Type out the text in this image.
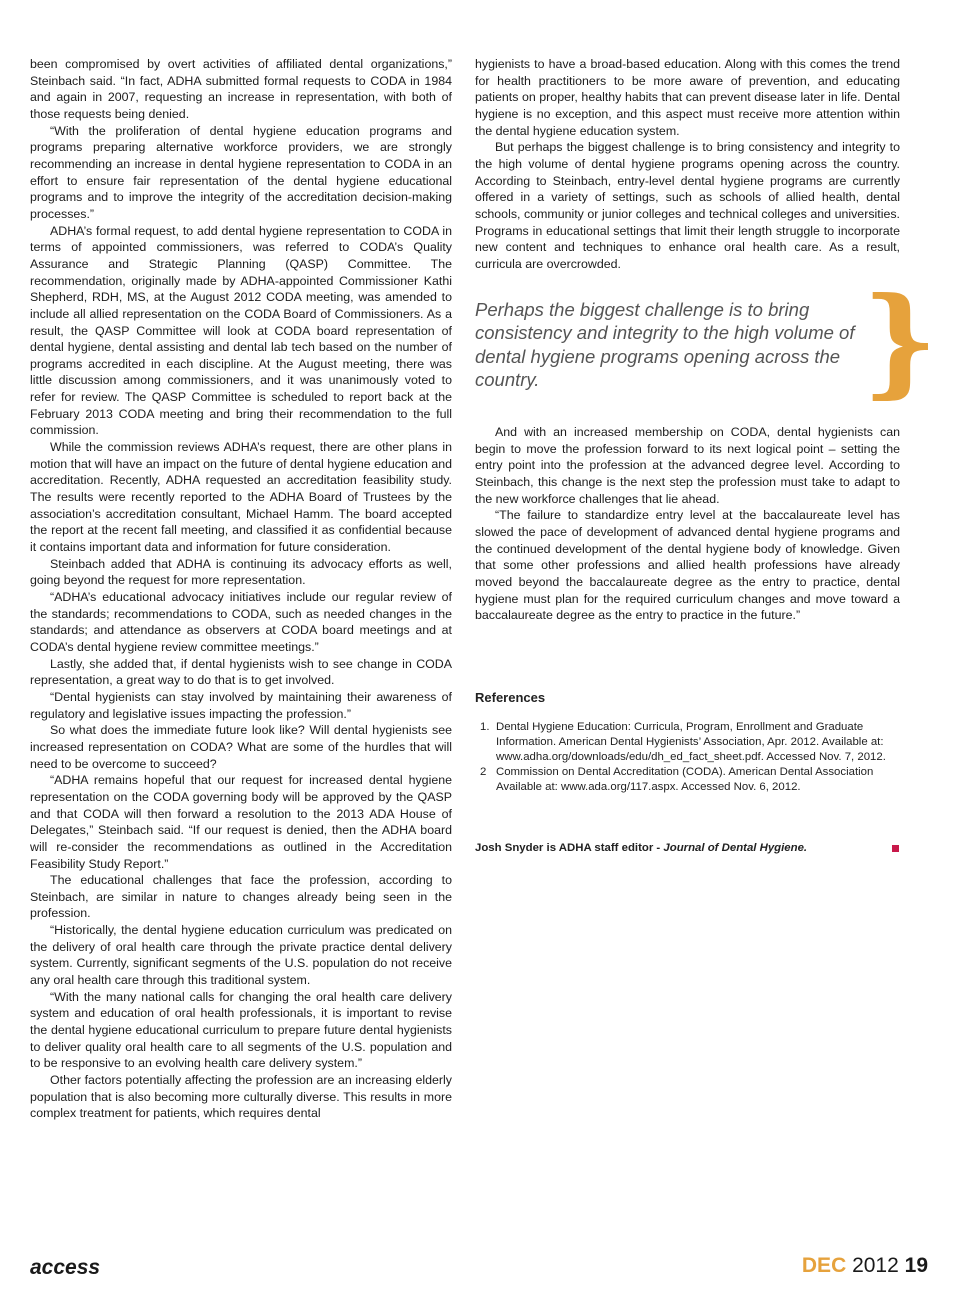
been compromised by overt activities of affiliated dental organizations,” Steinbach said. “In fact, ADHA submitted formal requests to CODA in 1984 and again in 2007, requesting an increase in representation, with both of those requests being denied.

“With the proliferation of dental hygiene education programs and programs preparing alternative workforce providers, we are strongly recommending an increase in dental hygiene representation to CODA in an effort to ensure fair representation of the dental hygiene educational programs and to improve the integrity of the accreditation decision-making processes.”

ADHA’s formal request, to add dental hygiene representation to CODA in terms of appointed commissioners, was referred to CODA’s Quality Assurance and Strategic Planning (QASP) Committee. The recommendation, originally made by ADHA-appointed Commissioner Kathi Shepherd, RDH, MS, at the August 2012 CODA meeting, was amended to include all allied representation on the CODA Board of Commissioners. As a result, the QASP Committee will look at CODA board representation of dental hygiene, dental assisting and dental lab tech based on the number of programs accredited in each discipline. At the August meeting, there was little discussion among commissioners, and it was unanimously voted to refer for review. The QASP Committee is scheduled to report back at the February 2013 CODA meeting and bring their recommendation to the full commission.

While the commission reviews ADHA’s request, there are other plans in motion that will have an impact on the future of dental hygiene education and accreditation. Recently, ADHA requested an accreditation feasibility study. The results were recently reported to the ADHA Board of Trustees by the association’s accreditation consultant, Michael Hamm. The board accepted the report at the recent fall meeting, and classified it as confidential because it contains important data and information for future consideration.

Steinbach added that ADHA is continuing its advocacy efforts as well, going beyond the request for more representation.

“ADHA’s educational advocacy initiatives include our regular review of the standards; recommendations to CODA, such as needed changes in the standards; and attendance as observers at CODA board meetings and at CODA’s dental hygiene review committee meetings.”

Lastly, she added that, if dental hygienists wish to see change in CODA representation, a great way to do that is to get involved.

“Dental hygienists can stay involved by maintaining their awareness of regulatory and legislative issues impacting the profession.”

So what does the immediate future look like? Will dental hygienists see increased representation on CODA? What are some of the hurdles that will need to be overcome to succeed?

“ADHA remains hopeful that our request for increased dental hygiene representation on the CODA governing body will be approved by the QASP and that CODA will then forward a resolution to the 2013 ADA House of Delegates,” Steinbach said. “If our request is denied, then the ADHA board will re-consider the recommendations as outlined in the Accreditation Feasibility Study Report.”

The educational challenges that face the profession, according to Steinbach, are similar in nature to changes already being seen in the profession.

“Historically, the dental hygiene education curriculum was predicated on the delivery of oral health care through the private practice dental delivery system. Currently, significant segments of the U.S. population do not receive any oral health care through this traditional system.

“With the many national calls for changing the oral health care delivery system and education of oral health professionals, it is important to revise the dental hygiene educational curriculum to prepare future dental hygienists to deliver quality oral health care to all segments of the U.S. population and to be responsive to an evolving health care delivery system.”

Other factors potentially affecting the profession are an increasing elderly population that is also becoming more culturally diverse. This results in more complex treatment for patients, which requires dental

hygienists to have a broad-based education. Along with this comes the trend for health practitioners to be more aware of prevention, and educating patients on proper, healthy habits that can prevent disease later in life. Dental hygiene is no exception, and this aspect must receive more attention within the dental hygiene education system.

But perhaps the biggest challenge is to bring consistency and integrity to the high volume of dental hygiene programs opening across the country. According to Steinbach, entry-level dental hygiene programs are currently offered in a variety of settings, such as schools of allied health, dental schools, community or junior colleges and technical colleges and universities. Programs in educational settings that limit their length struggle to incorporate new content and techniques to enhance oral health care. As a result, curricula are overcrowded.

Perhaps the biggest challenge is to bring consistency and integrity to the high volume of dental hygiene programs opening across the country.	}

And with an increased membership on CODA, dental hygienists can begin to move the profession forward to its next logical point – setting the entry point into the profession at the advanced degree level. According to Steinbach, this change is the next step the profession must take to adapt to the new workforce challenges that lie ahead.

“The failure to standardize entry level at the baccalaureate level has slowed the pace of development of advanced dental hygiene programs and the continued development of the dental hygiene body of knowledge. Given that some other professions and allied health professions have already moved beyond the baccalaureate degree as the entry to practice, dental hygiene must plan for the required curriculum changes and move toward a baccalaureate degree as the entry to practice in the future.”

References
1. Dental Hygiene Education: Curricula, Program, Enrollment and Graduate Information. American Dental Hygienists’ Association, Apr. 2012. Available at: www.adha.org/downloads/edu/dh_ed_fact_sheet.pdf. Accessed Nov. 7, 2012.
2 Commission on Dental Accreditation (CODA). American Dental Association Available at: www.ada.org/117.aspx. Accessed Nov. 6, 2012.
Josh Snyder is ADHA staff editor - Journal of Dental Hygiene.
access	DEC 2012 19
